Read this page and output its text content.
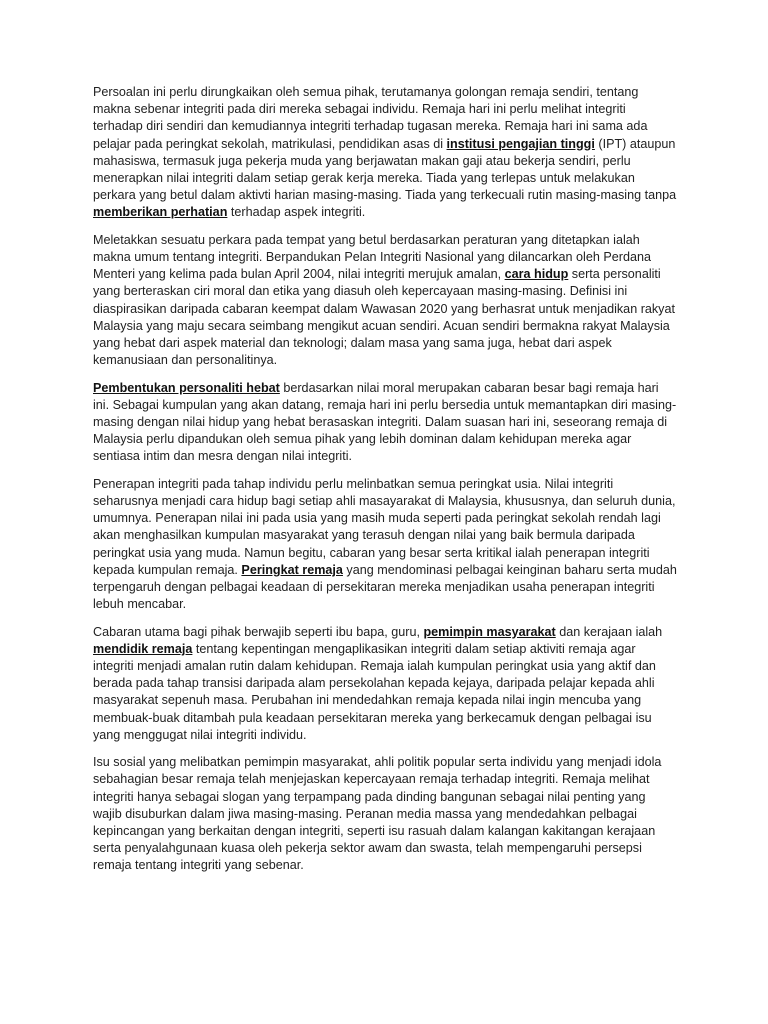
Persoalan ini perlu dirungkaikan oleh semua pihak, terutamanya golongan remaja sendiri, tentang makna sebenar integriti pada diri mereka sebagai individu. Remaja hari ini perlu melihat integriti terhadap diri sendiri dan kemudiannya integriti terhadap tugasan mereka. Remaja hari ini sama ada pelajar pada peringkat sekolah, matrikulasi, pendidikan asas di institusi pengajian tinggi (IPT) ataupun mahasiswa, termasuk juga pekerja muda yang berjawatan makan gaji atau bekerja sendiri, perlu menerapkan nilai integriti dalam setiap gerak kerja mereka. Tiada yang terlepas untuk melakukan perkara yang betul dalam aktivti harian masing-masing. Tiada yang terkecuali rutin masing-masing tanpa memberikan perhatian terhadap aspek integriti.

Meletakkan sesuatu perkara pada tempat yang betul berdasarkan peraturan yang ditetapkan ialah makna umum tentang integriti. Berpandukan Pelan Integriti Nasional yang dilancarkan oleh Perdana Menteri yang kelima pada bulan April 2004, nilai integriti merujuk amalan, cara hidup serta personaliti yang berteraskan ciri moral dan etika yang diasuh oleh kepercayaan masing-masing. Definisi ini diaspirasikan daripada cabaran keempat dalam Wawasan 2020 yang berhasrat untuk menjadikan rakyat Malaysia yang maju secara seimbang mengikut acuan sendiri. Acuan sendiri bermakna rakyat Malaysia yang hebat dari aspek material dan teknologi; dalam masa yang sama juga, hebat dari aspek kemanusiaan dan personalitinya.

Pembentukan personaliti hebat berdasarkan nilai moral merupakan cabaran besar bagi remaja hari ini. Sebagai kumpulan yang akan datang, remaja hari ini perlu bersedia untuk memantapkan diri masing-masing dengan nilai hidup yang hebat berasaskan integriti. Dalam suasan hari ini, seseorang remaja di Malaysia perlu dipandukan oleh semua pihak yang lebih dominan dalam kehidupan mereka agar sentiasa intim dan mesra dengan nilai integriti.

Penerapan integriti pada tahap individu perlu melinbatkan semua peringkat usia. Nilai integriti seharusnya menjadi cara hidup bagi setiap ahli masayarakat di Malaysia, khususnya, dan seluruh dunia, umumnya. Penerapan nilai ini pada usia yang masih muda seperti pada peringkat sekolah rendah lagi akan menghasilkan kumpulan masyarakat yang terasuh dengan nilai yang baik bermula daripada peringkat usia yang muda. Namun begitu, cabaran yang besar serta kritikal ialah penerapan integriti kepada kumpulan remaja. Peringkat remaja yang mendominasi pelbagai keinginan baharu serta mudah terpengaruh dengan pelbagai keadaan di persekitaran mereka menjadikan usaha penerapan integriti lebuh mencabar.

Cabaran utama bagi pihak berwajib seperti ibu bapa, guru, pemimpin masyarakat dan kerajaan ialah mendidik remaja tentang kepentingan mengaplikasikan integriti dalam setiap aktiviti remaja agar integriti menjadi amalan rutin dalam kehidupan. Remaja ialah kumpulan peringkat usia yang aktif dan berada pada tahap transisi daripada alam persekolahan kepada kejaya, daripada pelajar kepada ahli masyarakat sepenuh masa. Perubahan ini mendedahkan remaja kepada nilai ingin mencuba yang membuak-buak ditambah pula keadaan persekitaran mereka yang berkecamuk dengan pelbagai isu yang menggugat nilai integriti individu.

Isu sosial yang melibatkan pemimpin masyarakat, ahli politik popular serta individu yang menjadi idola sebahagian besar remaja telah menjejaskan kepercayaan remaja terhadap integriti. Remaja melihat integriti hanya sebagai slogan yang terpampang pada dinding bangunan sebagai nilai penting yang wajib disuburkan dalam jiwa masing-masing. Peranan media massa yang mendedahkan pelbagai kepincangan yang berkaitan dengan integriti, seperti isu rasuah dalam kalangan kakitangan kerajaan serta penyalahgunaan kuasa oleh pekerja sektor awam dan swasta, telah mempengaruhi persepsi remaja tentang integriti yang sebenar.
